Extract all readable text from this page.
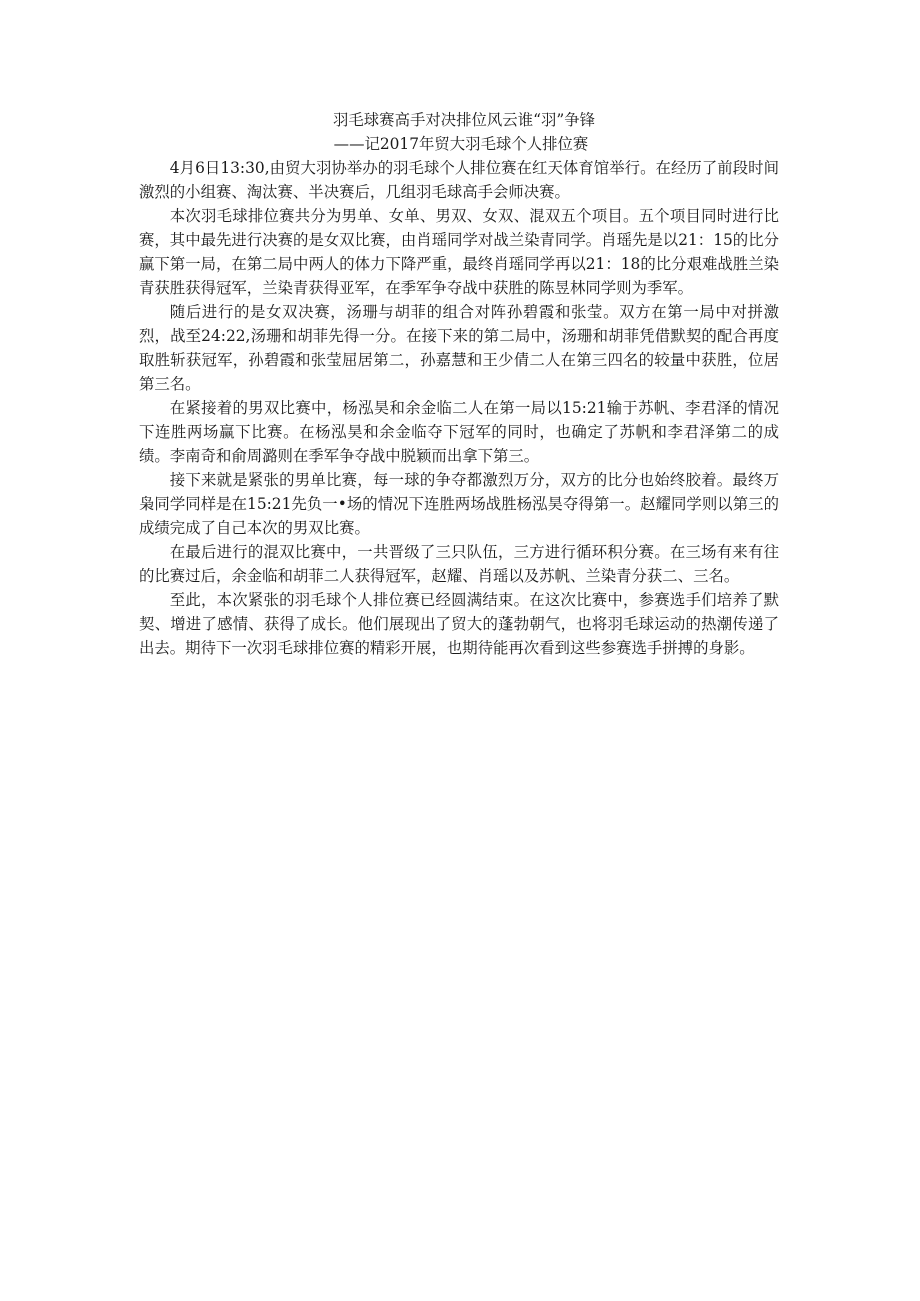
羽毛球赛高手对决排位风云谁“羽”争锋

——记2017年贸大羽毛球个人排位赛

4月6日13:30,由贸大羽协举办的羽毛球个人排位赛在红天体育馆举行。在经历了前段时间激烈的小组赛、淘汰赛、半决赛后，几组羽毛球高手会师决赛。

本次羽毛球排位赛共分为男单、女单、男双、女双、混双五个项目。五个项目同时进行比赛，其中最先进行决赛的是女双比赛，由肖瑶同学对战兰染青同学。肖瑶先是以21：15的比分赢下第一局，在第二局中两人的体力下降严重，最终肖瑶同学再以21：18的比分艰难战胜兰染青获胜获得冠军，兰染青获得亚军，在季军争夺战中获胜的陈昱林同学则为季军。

随后进行的是女双决赛，汤珊与胡菲的组合对阵孙碧霞和张莹。双方在第一局中对拼激烈，战至24:22,汤珊和胡菲先得一分。在接下来的第二局中，汤珊和胡菲凭借默契的配合再度取胜斩获冠军，孙碧霞和张莹屈居第二，孙嘉慧和王少倩二人在第三四名的较量中获胜，位居第三名。

在紧接着的男双比赛中，杨泓昊和余金临二人在第一局以15:21输于苏帆、李君泽的情况下连胜两场赢下比赛。在杨泓昊和余金临夺下冠军的同时，也确定了苏帆和李君泽第二的成绩。李南奇和俞周潞则在季军争夺战中脱颖而出拿下第三。

接下来就是紧张的男单比赛，每一球的争夺都激烈万分，双方的比分也始终胶着。最终万枭同学同样是在15:21先负一•场的情况下连胜两场战胜杨泓昊夺得第一。赵耀同学则以第三的成绩完成了自己本次的男双比赛。

在最后进行的混双比赛中，一共晋级了三只队伍，三方进行循环积分赛。在三场有来有往的比赛过后，余金临和胡菲二人获得冠军，赵耀、肖瑶以及苏帆、兰染青分获二、三名。

至此，本次紧张的羽毛球个人排位赛已经圆满结束。在这次比赛中，参赛选手们培养了默契、增进了感情、获得了成长。他们展现出了贸大的蓬勃朝气，也将羽毛球运动的热潮传递了出去。期待下一次羽毛球排位赛的精彩开展，也期待能再次看到这些参赛选手拼搏的身影。
